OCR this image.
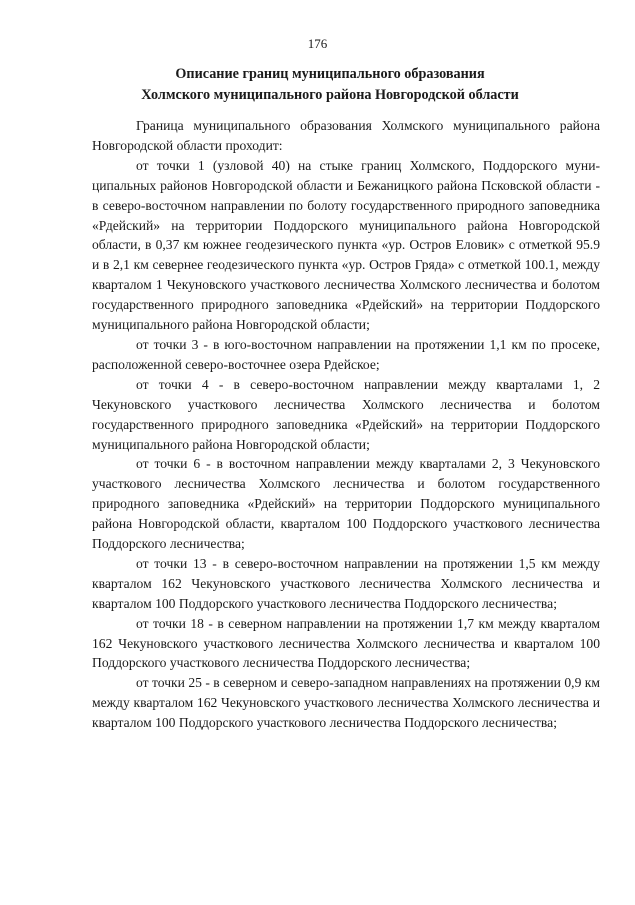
176
Описание границ муниципального образования
Холмского муниципального района Новгородской области

Граница муниципального образования Холмского муниципального района Новгородской области проходит:

от точки 1 (узловой 40) на стыке границ Холмского, Поддорского муниципальных районов Новгородской области и Бежаницкого района Псковской области - в северо-восточном направлении по болоту государственного природного заповедника «Рдейский» на территории Поддорского муниципального района Новгородской области, в 0,37 км южнее геодезического пункта «ур. Остров Еловик» с отметкой 95.9 и в 2,1 км севернее геодезического пункта «ур. Остров Гряда» с отметкой 100.1, между кварталом 1 Чекуновского участкового лесничества Холмского лесничества и болотом государственного природного заповедника «Рдейский» на территории Поддорского муниципального района Новгородской области;

от точки 3 - в юго-восточном направлении на протяжении 1,1 км по просеке, расположенной северо-восточнее озера Рдейское;

от точки 4 - в северо-восточном направлении между кварталами 1, 2 Чекуновского участкового лесничества Холмского лесничества и болотом государственного природного заповедника «Рдейский» на территории Поддорского муниципального района Новгородской области;

от точки 6 - в восточном направлении между кварталами 2, 3 Чекуновского участкового лесничества Холмского лесничества и болотом государственного природного заповедника «Рдейский» на территории Поддорского муниципального района Новгородской области, кварталом 100 Поддорского участкового лесничества Поддорского лесничества;

от точки 13 - в северо-восточном направлении на протяжении 1,5 км между кварталом 162 Чекуновского участкового лесничества Холмского лесничества и кварталом 100 Поддорского участкового лесничества Поддорского лесничества;

от точки 18 - в северном направлении на протяжении 1,7 км между кварталом 162 Чекуновского участкового лесничества Холмского лесничества и кварталом 100 Поддорского участкового лесничества Поддорского лесничества;

от точки 25 - в северном и северо-западном направлениях на протяжении 0,9 км между кварталом 162 Чекуновского участкового лесничества Холмского лесничества и кварталом 100 Поддорского участкового лесничества Поддорского лесничества;
